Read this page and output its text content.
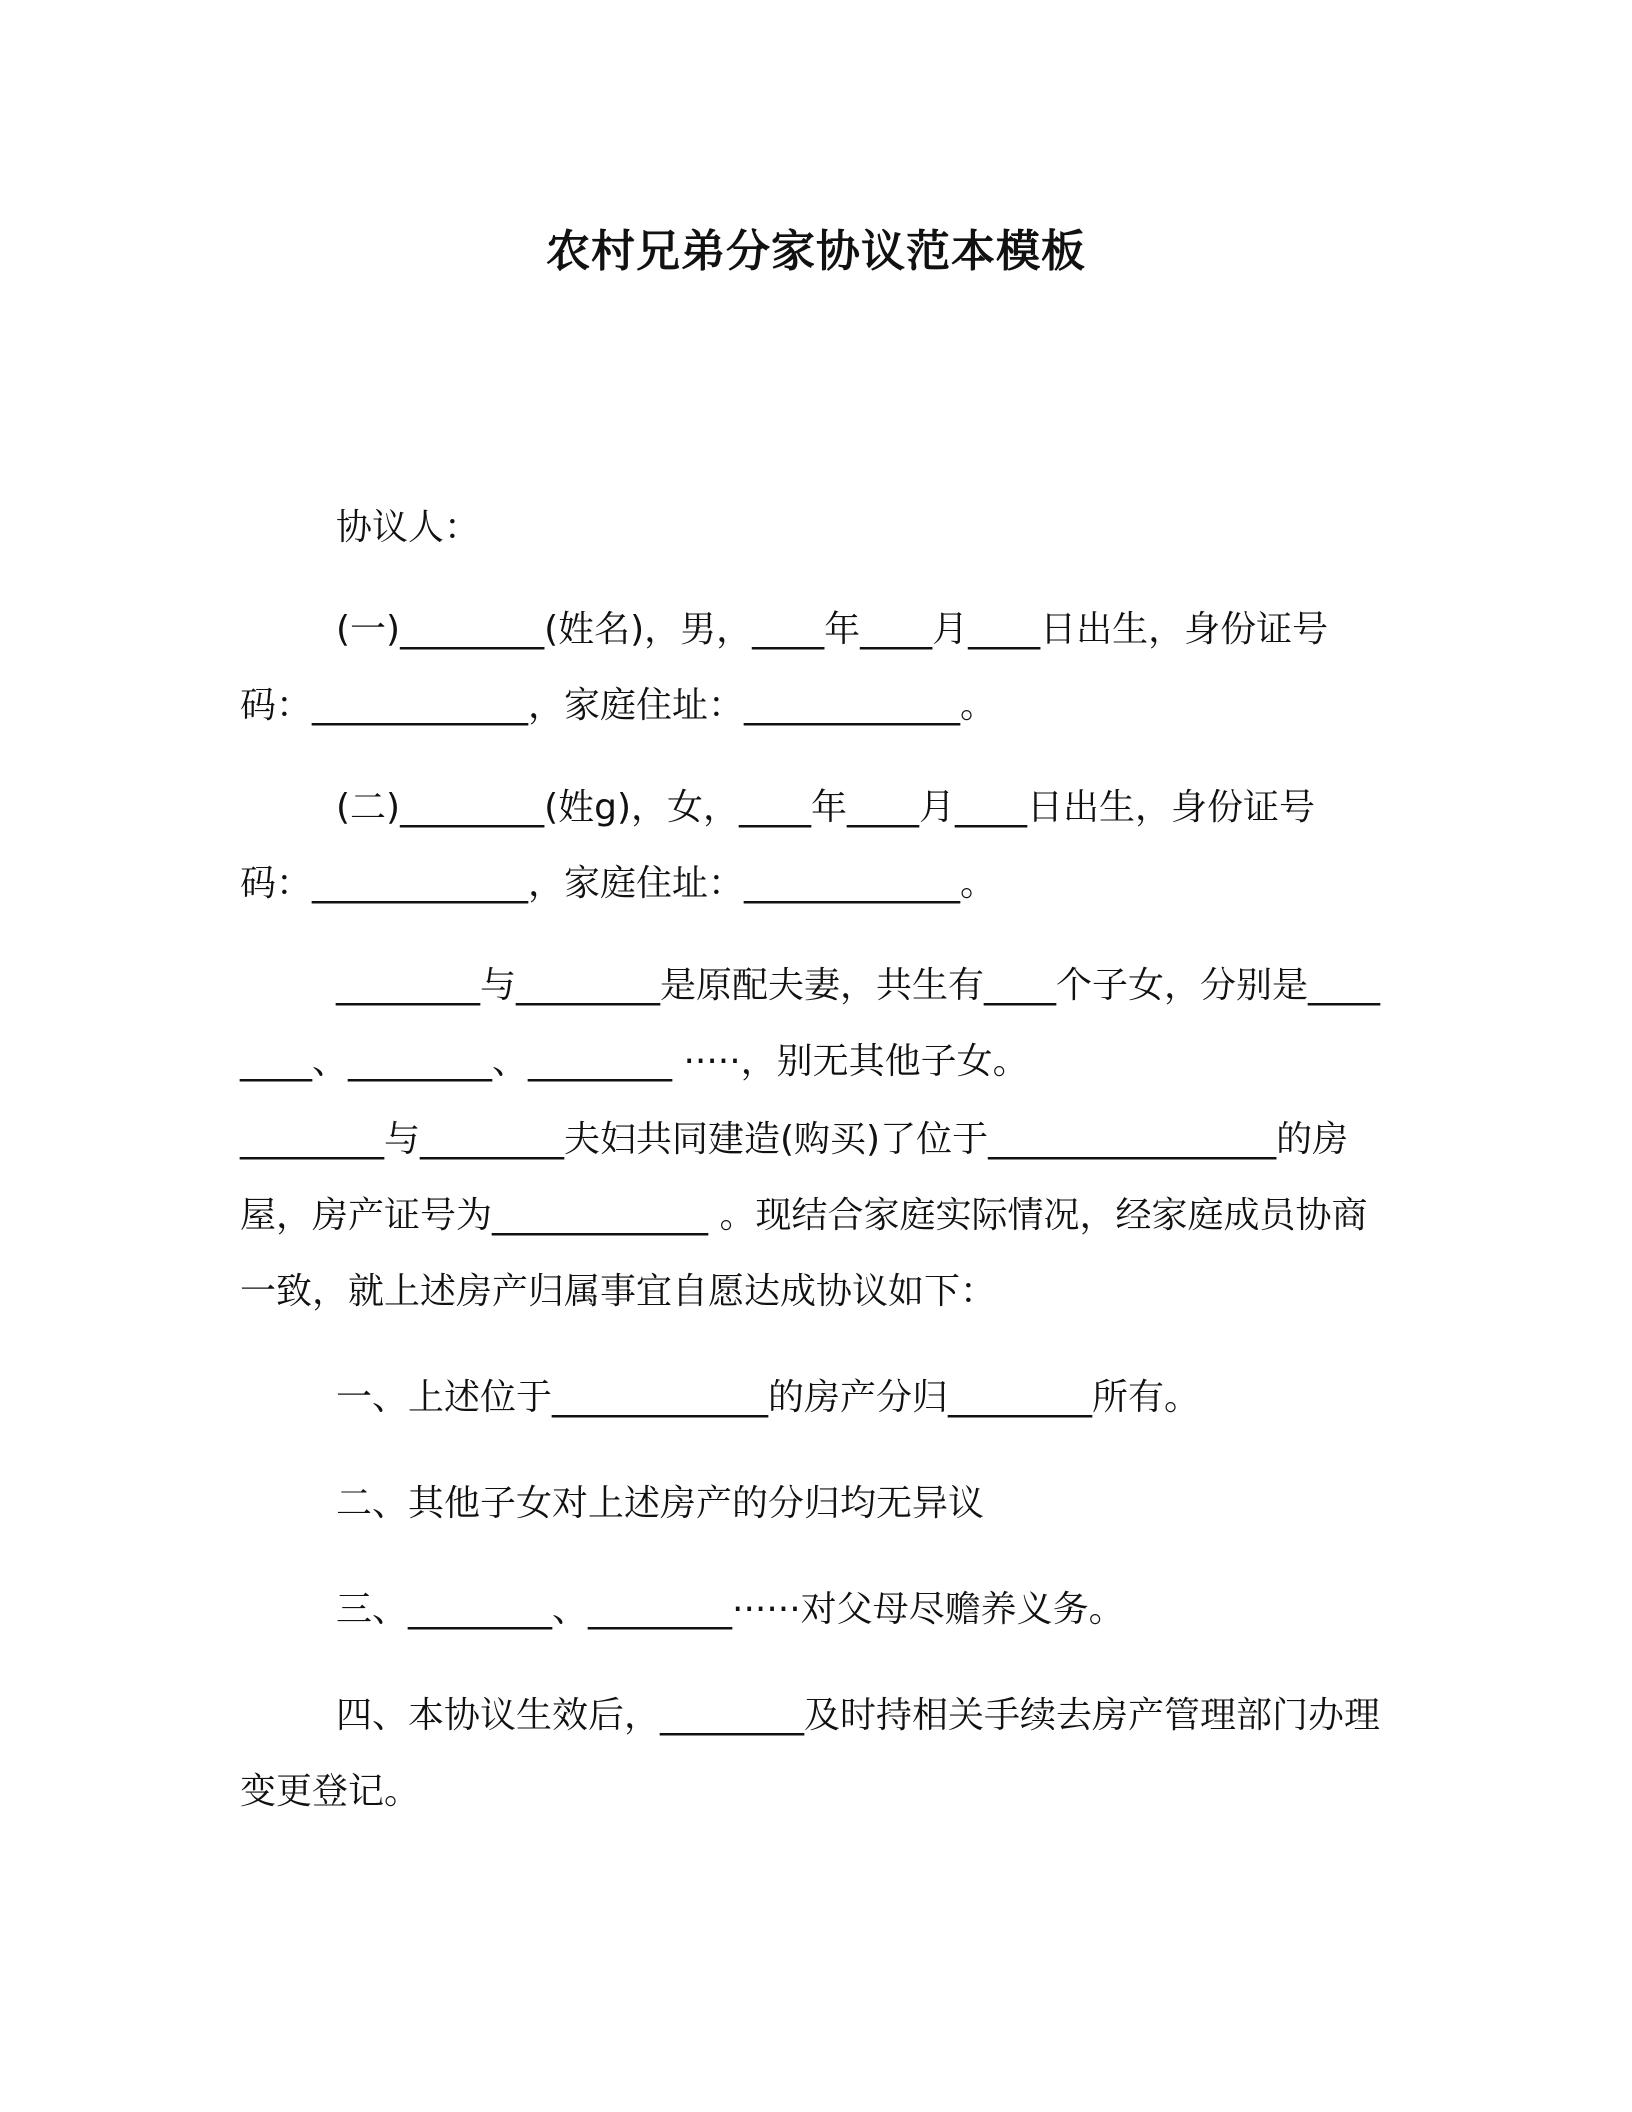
农村兄弟分家协议范本模板

协议人：

(一)________(姓名)，男，____年____月____日出生，身份证号码：____________，家庭住址：____________。

(二)________(姓g)，女，____年____月____日出生，身份证号码：____________，家庭住址：____________。

________与________是原配夫妻，共生有____个子女，分别是________、________、________ ·····，别无其他子女。

________与________夫妇共同建造(购买)了位于________________的房屋，房产证号为____________ 。现结合家庭实际情况，经家庭成员协商一致，就上述房产归属事宜自愿达成协议如下：

一、上述位于____________的房产分归________所有。

二、其他子女对上述房产的分归均无异议

三、________、________······对父母尽赡养义务。

四、本协议生效后，________及时持相关手续去房产管理部门办理变更登记。
